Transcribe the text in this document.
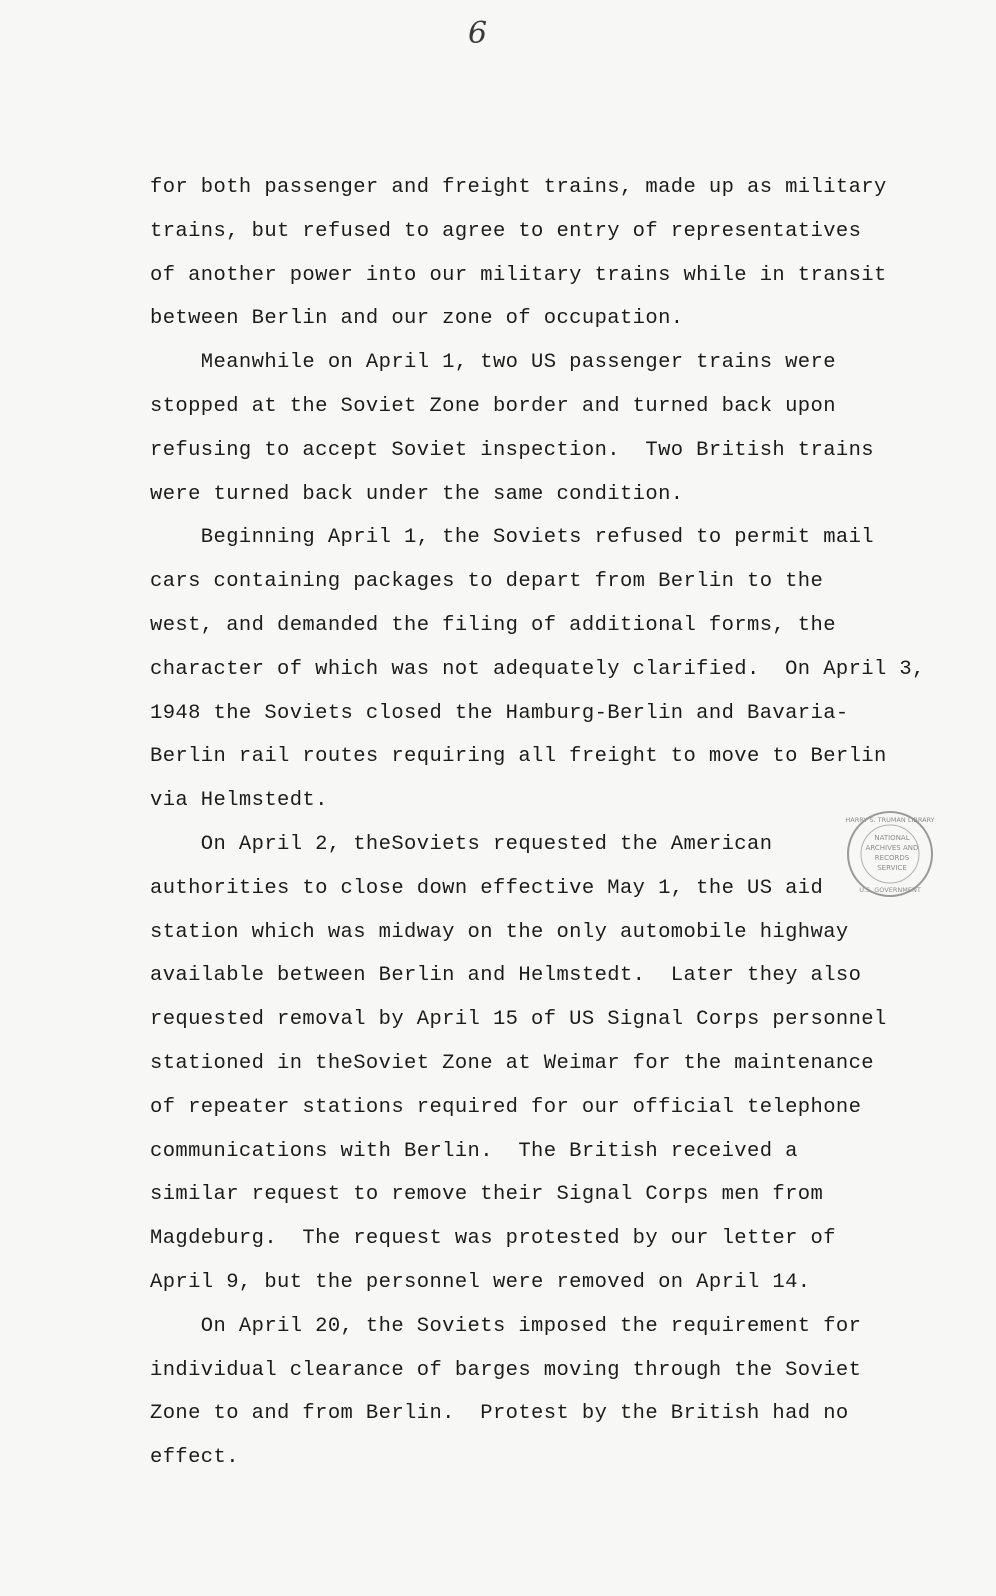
6
for both passenger and freight trains, made up as military
trains, but refused to agree to entry of representatives
of another power into our military trains while in transit
between Berlin and our zone of occupation.
Meanwhile on April 1, two US passenger trains were
stopped at the Soviet Zone border and turned back upon
refusing to accept Soviet inspection.  Two British trains
were turned back under the same condition.
Beginning April 1, the Soviets refused to permit mail
cars containing packages to depart from Berlin to the
west, and demanded the filing of additional forms, the
character of which was not adequately clarified.  On April 3,
1948 the Soviets closed the Hamburg-Berlin and Bavaria-
Berlin rail routes requiring all freight to move to Berlin
via Helmstedt.
On April 2, theSoviets requested the American
authorities to close down effective May 1, the US aid
station which was midway on the only automobile highway
available between Berlin and Helmstedt.  Later they also
requested removal by April 15 of US Signal Corps personnel
stationed in theSoviet Zone at Weimar for the maintenance
of repeater stations required for our official telephone
communications with Berlin.  The British received a
similar request to remove their Signal Corps men from
Magdeburg.  The request was protested by our letter of
April 9, but the personnel were removed on April 14.
On April 20, the Soviets imposed the requirement for
individual clearance of barges moving through the Soviet
Zone to and from Berlin.  Protest by the British had no
effect.
HARRY S. TRUMAN LIBRARY
NATIONAL
ARCHIVES AND
RECORDS
SERVICE
U.S. GOVERNMENT
